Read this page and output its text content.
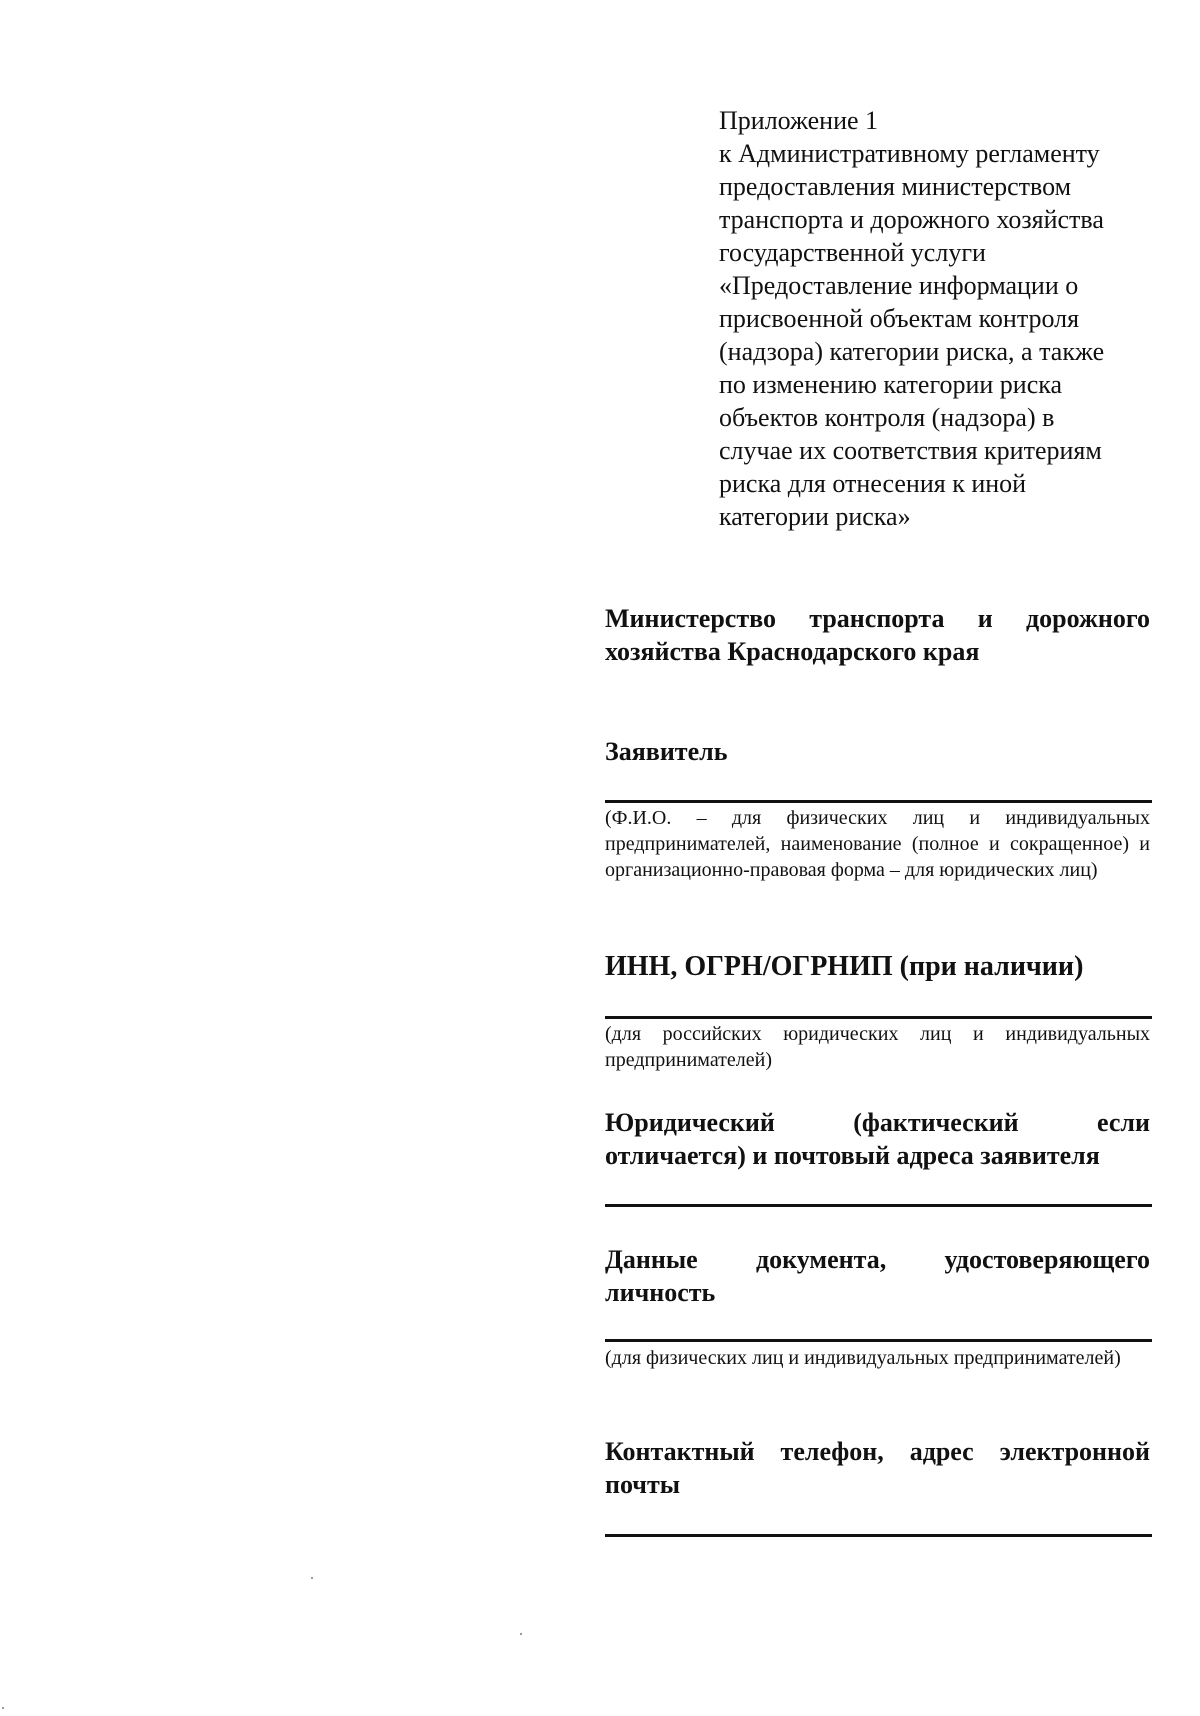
Приложение 1
к Административному регламенту
предоставления министерством
транспорта и дорожного хозяйства
государственной услуги
«Предоставление информации о
присвоенной объектам контроля
(надзора) категории риска, а также
по изменению категории риска
объектов контроля (надзора) в
случае их соответствия критериям
риска для отнесения к иной
категории риска»
Министерство транспорта и дорожного хозяйства Краснодарского края
Заявитель
(Ф.И.О. – для физических лиц и индивидуальных предпринимателей, наименование (полное и сокращенное) и организационно-правовая форма – для юридических лиц)
ИНН, ОГРН/ОГРНИП (при наличии)
(для российских юридических лиц и индивидуальных предпринимателей)
Юридический (фактический если отличается) и почтовый адреса заявителя
Данные документа, удостоверяющего личность
(для физических лиц и индивидуальных предпринимателей)
Контактный телефон, адрес электронной почты
